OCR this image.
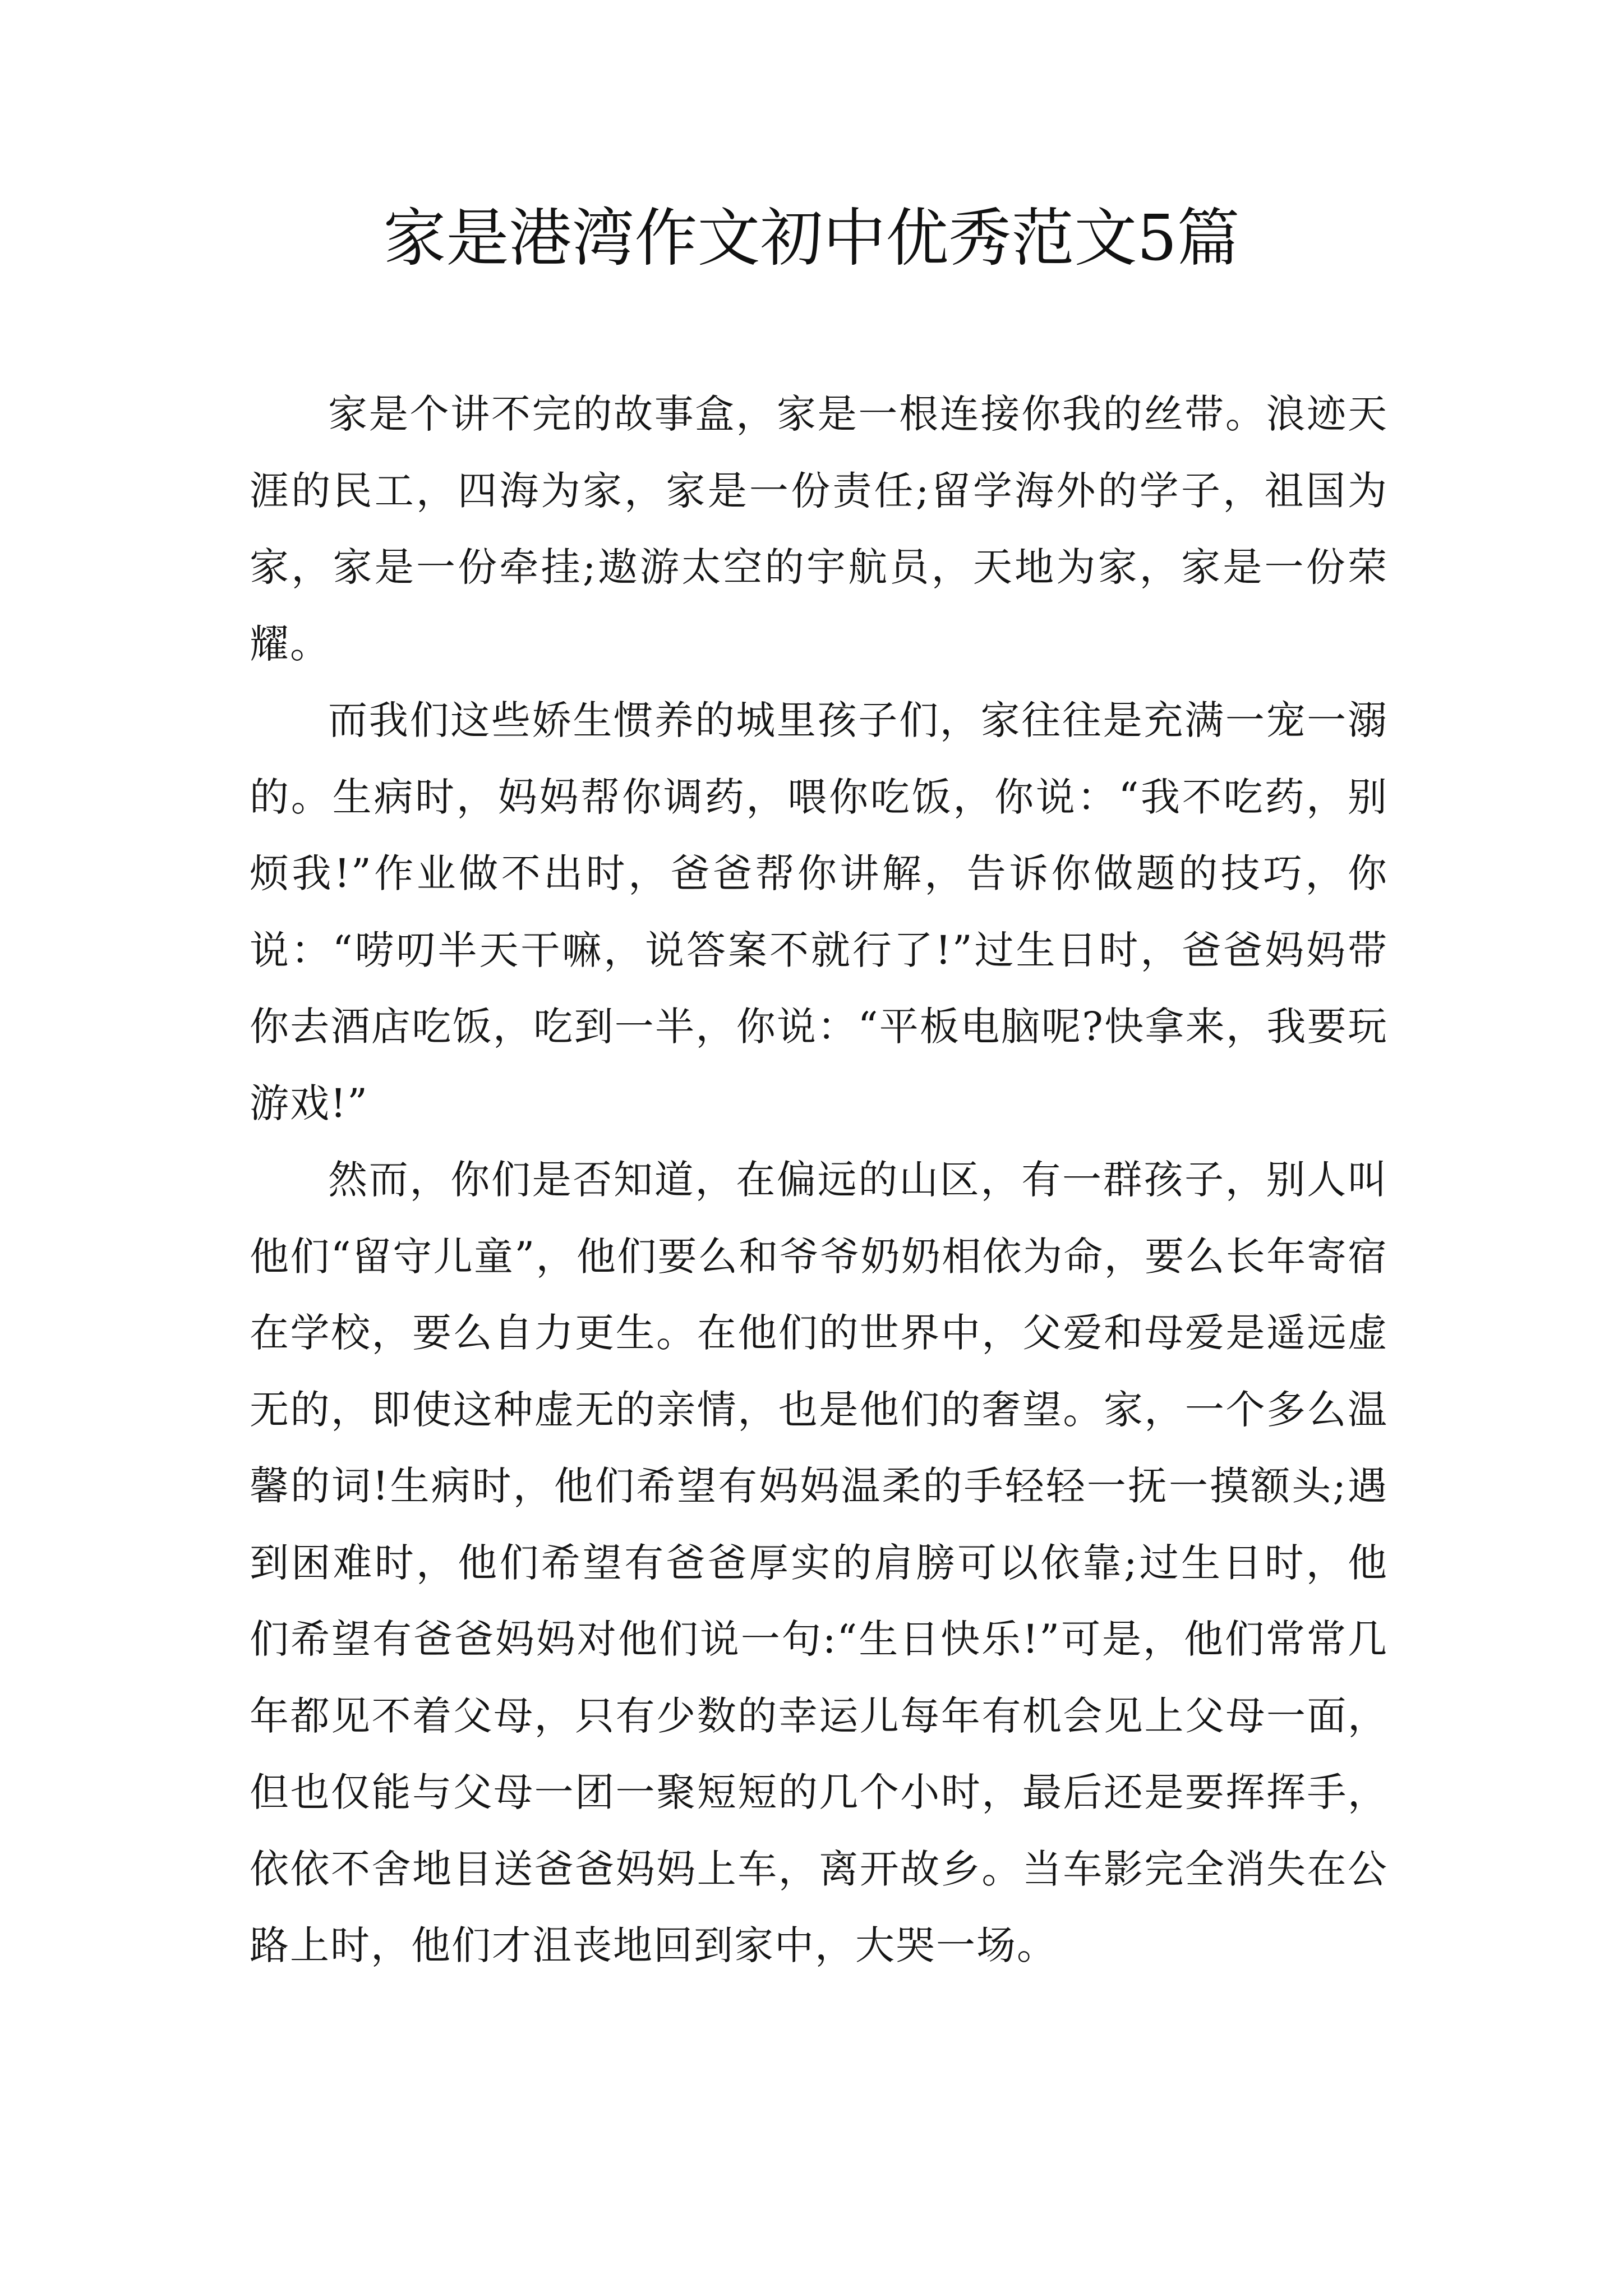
家是港湾作文初中优秀范文5篇

家是个讲不完的故事盒，家是一根连接你我的丝带。浪迹天涯的民工，四海为家，家是一份责任;留学海外的学子，祖国为家，家是一份牵挂;遨游太空的宇航员，天地为家，家是一份荣耀。

而我们这些娇生惯养的城里孩子们，家往往是充满一宠一溺的。生病时，妈妈帮你调药，喂你吃饭，你说：“我不吃药，别烦我!”作业做不出时，爸爸帮你讲解，告诉你做题的技巧，你说：“唠叨半天干嘛，说答案不就行了!”过生日时，爸爸妈妈带你去酒店吃饭，吃到一半，你说：“平板电脑呢?快拿来，我要玩游戏!”

然而，你们是否知道，在偏远的山区，有一群孩子，别人叫他们“留守儿童”，他们要么和爷爷奶奶相依为命，要么长年寄宿在学校，要么自力更生。在他们的世界中，父爱和母爱是遥远虚无的，即使这种虚无的亲情，也是他们的奢望。家，一个多么温馨的词!生病时，他们希望有妈妈温柔的手轻轻一抚一摸额头;遇到困难时，他们希望有爸爸厚实的肩膀可以依靠;过生日时，他们希望有爸爸妈妈对他们说一句:“生日快乐!”可是，他们常常几年都见不着父母，只有少数的幸运儿每年有机会见上父母一面，但也仅能与父母一团一聚短短的几个小时，最后还是要挥挥手，依依不舍地目送爸爸妈妈上车，离开故乡。当车影完全消失在公路上时，他们才沮丧地回到家中，大哭一场。
